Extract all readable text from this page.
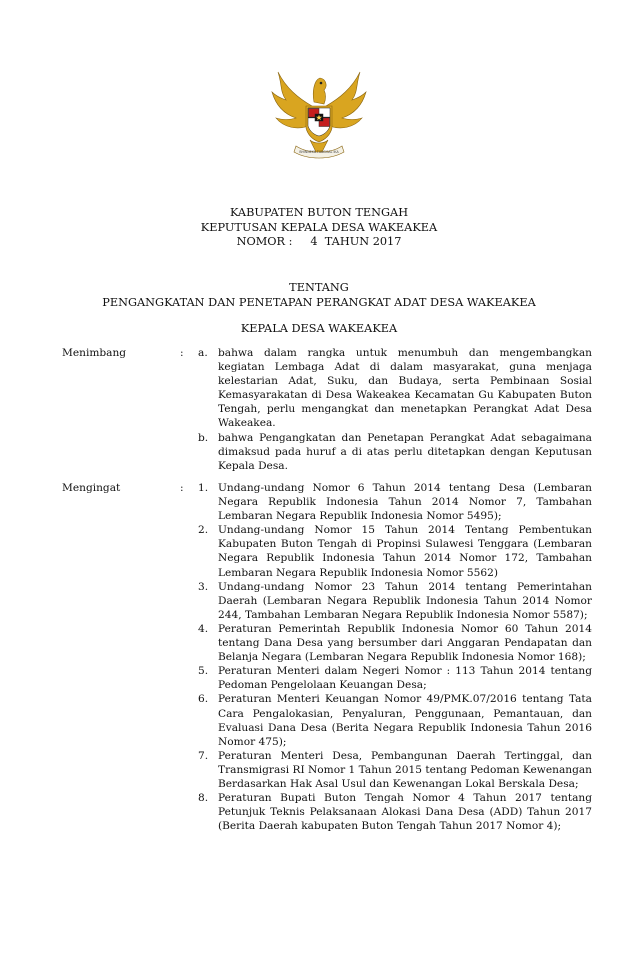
BHINNEKA TUNGGAL IKA
KABUPATEN BUTON TENGAH
KEPUTUSAN KEPALA DESA WAKEAKEA
NOMOR :     4  TAHUN 2017
TENTANG
PENGANGKATAN DAN PENETAPAN PERANGKAT ADAT DESA WAKEAKEA
KEPALA DESA WAKEAKEA
Menimbang	:	a. bahwa dalam rangka untuk menumbuh dan mengembangkan kegiatan Lembaga Adat di dalam masyarakat, guna menjaga kelestarian Adat, Suku, dan Budaya, serta Pembinaan Sosial Kemasyarakatan di Desa Wakeakea Kecamatan Gu Kabupaten Buton Tengah, perlu mengangkat dan menetapkan Perangkat Adat Desa Wakeakea.
b. bahwa Pengangkatan dan Penetapan Perangkat Adat sebagaimana dimaksud pada huruf a di atas perlu ditetapkan dengan Keputusan Kepala Desa.
Mengingat	:	1. Undang-undang Nomor 6 Tahun 2014 tentang Desa (Lembaran Negara Republik Indonesia Tahun 2014 Nomor 7, Tambahan Lembaran Negara Republik Indonesia Nomor 5495);
2. Undang-undang Nomor 15 Tahun 2014 Tentang Pembentukan Kabupaten Buton Tengah di Propinsi Sulawesi Tenggara (Lembaran Negara Republik Indonesia Tahun 2014 Nomor 172, Tambahan Lembaran Negara Republik Indonesia Nomor 5562)
3. Undang-undang Nomor 23 Tahun 2014 tentang Pemerintahan Daerah (Lembaran Negara Republik Indonesia Tahun 2014 Nomor 244, Tambahan Lembaran Negara Republik Indonesia Nomor 5587);
4. Peraturan Pemerintah Republik Indonesia Nomor 60 Tahun 2014 tentang Dana Desa yang bersumber dari Anggaran Pendapatan dan Belanja Negara (Lembaran Negara Republik Indonesia Nomor 168);
5. Peraturan Menteri dalam Negeri Nomor : 113 Tahun 2014 tentang Pedoman Pengelolaan Keuangan Desa;
6. Peraturan Menteri Keuangan Nomor 49/PMK.07/2016 tentang Tata Cara Pengalokasian, Penyaluran, Penggunaan, Pemantauan, dan Evaluasi Dana Desa (Berita Negara Republik Indonesia Tahun 2016 Nomor 475);
7. Peraturan Menteri Desa, Pembangunan Daerah Tertinggal, dan Transmigrasi RI Nomor 1 Tahun 2015 tentang Pedoman Kewenangan Berdasarkan Hak Asal Usul dan Kewenangan Lokal Berskala Desa;
8. Peraturan Bupati Buton Tengah Nomor 4 Tahun 2017 tentang Petunjuk Teknis Pelaksanaan Alokasi Dana Desa (ADD) Tahun 2017 (Berita Daerah kabupaten Buton Tengah Tahun 2017 Nomor 4);
